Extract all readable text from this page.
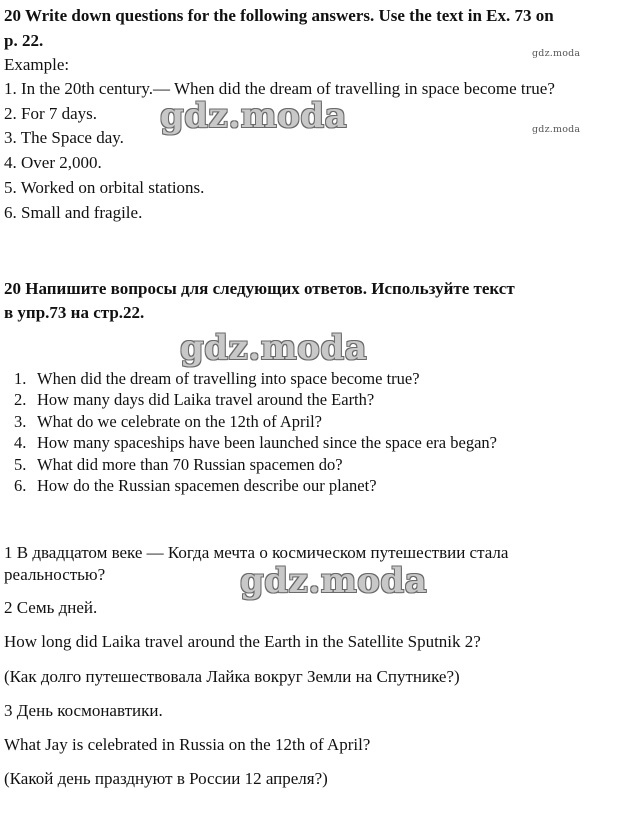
20 Write down questions for the following answers. Use the text in Ex. 73 on
p. 22.
Example:
1. In the 20th century.— When did the dream of travelling in space become true?
2. For 7 days.
3. The Space day.
4. Over 2,000.
5. Worked on orbital stations.
6. Small and fragile.
20 Напишите вопросы для следующих ответов. Используйте текст
в упр.73 на стр.22.
1. When did the dream of travelling into space become true?
2. How many days did Laika travel around the Earth?
3. What do we celebrate on the 12th of April?
4. How many spaceships have been launched since the space era began?
5. What did more than 70 Russian spacemen do?
6. How do the Russian spacemen describe our planet?
1 В двадцатом веке — Когда мечта о космическом путешествии стала
реальностью?
2 Семь дней.
How long did Laika travel around the Earth in the Satellite Sputnik 2?
(Как долго путешествовала Лайка вокруг Земли на Спутнике?)
3 День космонавтики.
What Jay is celebrated in Russia on the 12th of April?
(Какой день празднуют в России 12 апреля?)
gdz.moda
gdz.moda
gdz.moda
gdz.moda
gdz.moda
